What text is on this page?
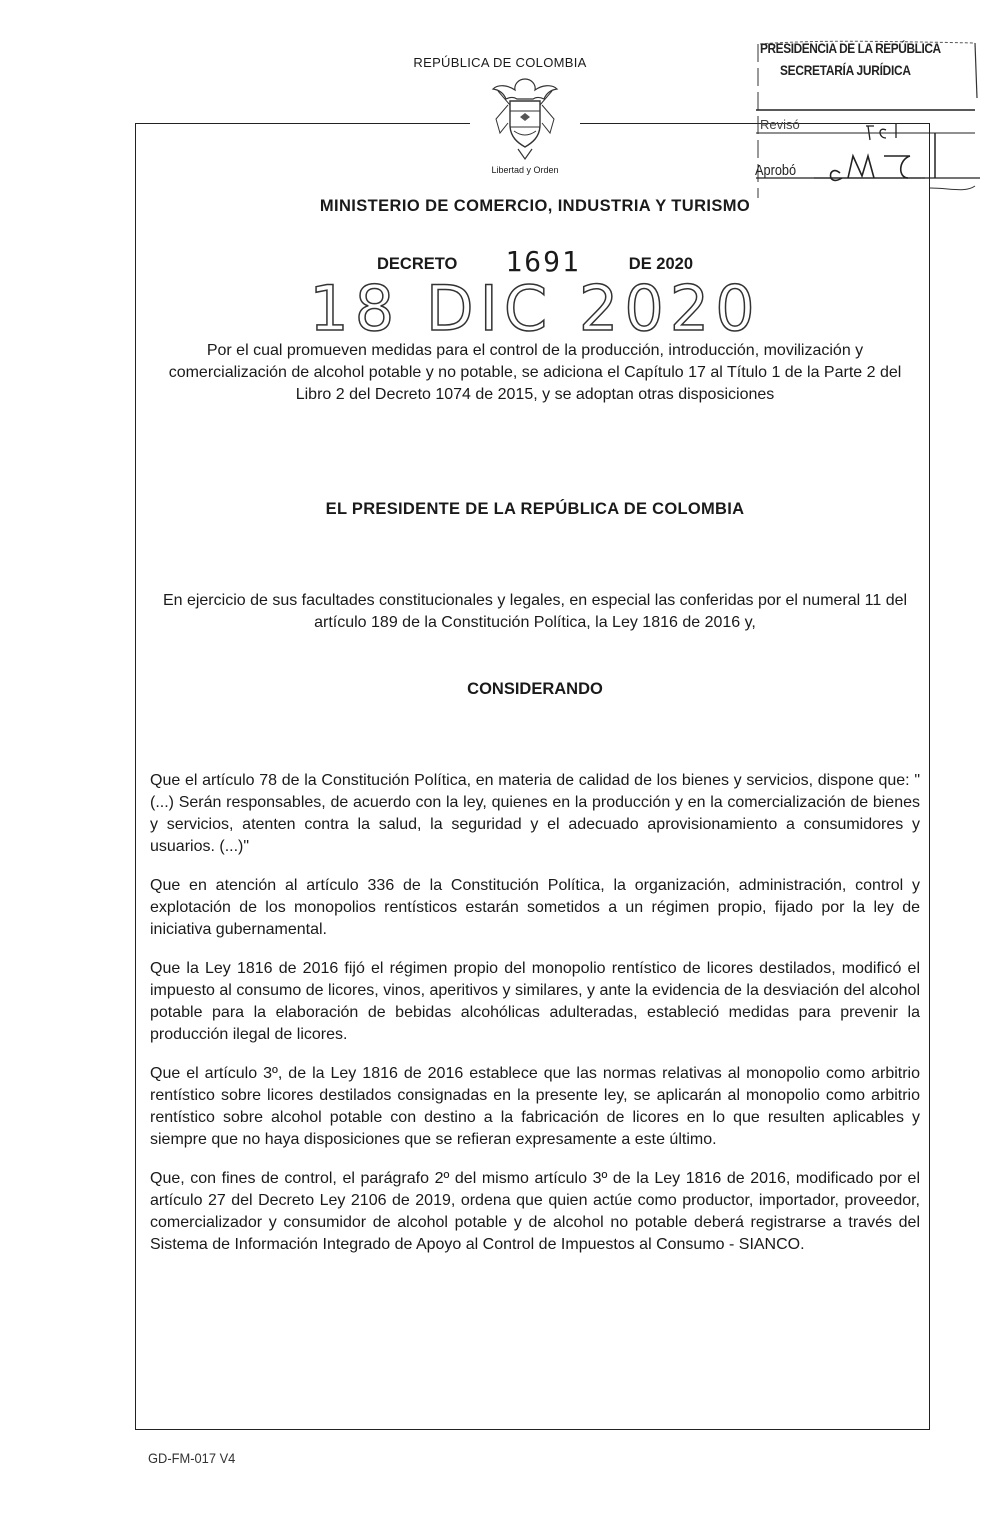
REPÚBLICA DE COLOMBIA
Libertad y Orden
PRESIDENCIA DE LA REPÚBLICA
SECRETARÍA JURÍDICA
Revisó
Aprobó
MINISTERIO DE COMERCIO, INDUSTRIA Y TURISMO
DECRETO 1691	DE 2020
18 DIC 2020
Por el cual promueven medidas para el control de la producción, introducción, movilización y comercialización de alcohol potable y no potable, se adiciona el Capítulo 17 al Título 1 de la Parte 2 del Libro 2 del Decreto 1074 de 2015, y se adoptan otras disposiciones
EL PRESIDENTE DE LA REPÚBLICA DE COLOMBIA
En ejercicio de sus facultades constitucionales y legales, en especial las conferidas por el numeral 11 del artículo 189 de la Constitución Política, la Ley 1816 de 2016 y,
CONSIDERANDO

Que el artículo 78 de la Constitución Política, en materia de calidad de los bienes y servicios, dispone que: "(...) Serán responsables, de acuerdo con la ley, quienes en la producción y en la comercialización de bienes y servicios, atenten contra la salud, la seguridad y el adecuado aprovisionamiento a consumidores y usuarios. (...)"

Que en atención al artículo 336 de la Constitución Política, la organización, administración, control y explotación de los monopolios rentísticos estarán sometidos a un régimen propio, fijado por la ley de iniciativa gubernamental.

Que la Ley 1816 de 2016 fijó el régimen propio del monopolio rentístico de licores destilados, modificó el impuesto al consumo de licores, vinos, aperitivos y similares, y ante la evidencia de la desviación del alcohol potable para la elaboración de bebidas alcohólicas adulteradas, estableció medidas para prevenir la producción ilegal de licores.

Que el artículo 3º, de la Ley 1816 de 2016 establece que las normas relativas al monopolio como arbitrio rentístico sobre licores destilados consignadas en la presente ley, se aplicarán al monopolio como arbitrio rentístico sobre alcohol potable con destino a la fabricación de licores en lo que resulten aplicables y siempre que no haya disposiciones que se refieran expresamente a este último.

Que, con fines de control, el parágrafo 2º del mismo artículo 3º de la Ley 1816 de 2016, modificado por el artículo 27 del Decreto Ley 2106 de 2019, ordena que quien actúe como productor, importador, proveedor, comercializador y consumidor de alcohol potable y de alcohol no potable deberá registrarse a través del Sistema de Información Integrado de Apoyo al Control de Impuestos al Consumo - SIANCO.

GD-FM-017 V4
